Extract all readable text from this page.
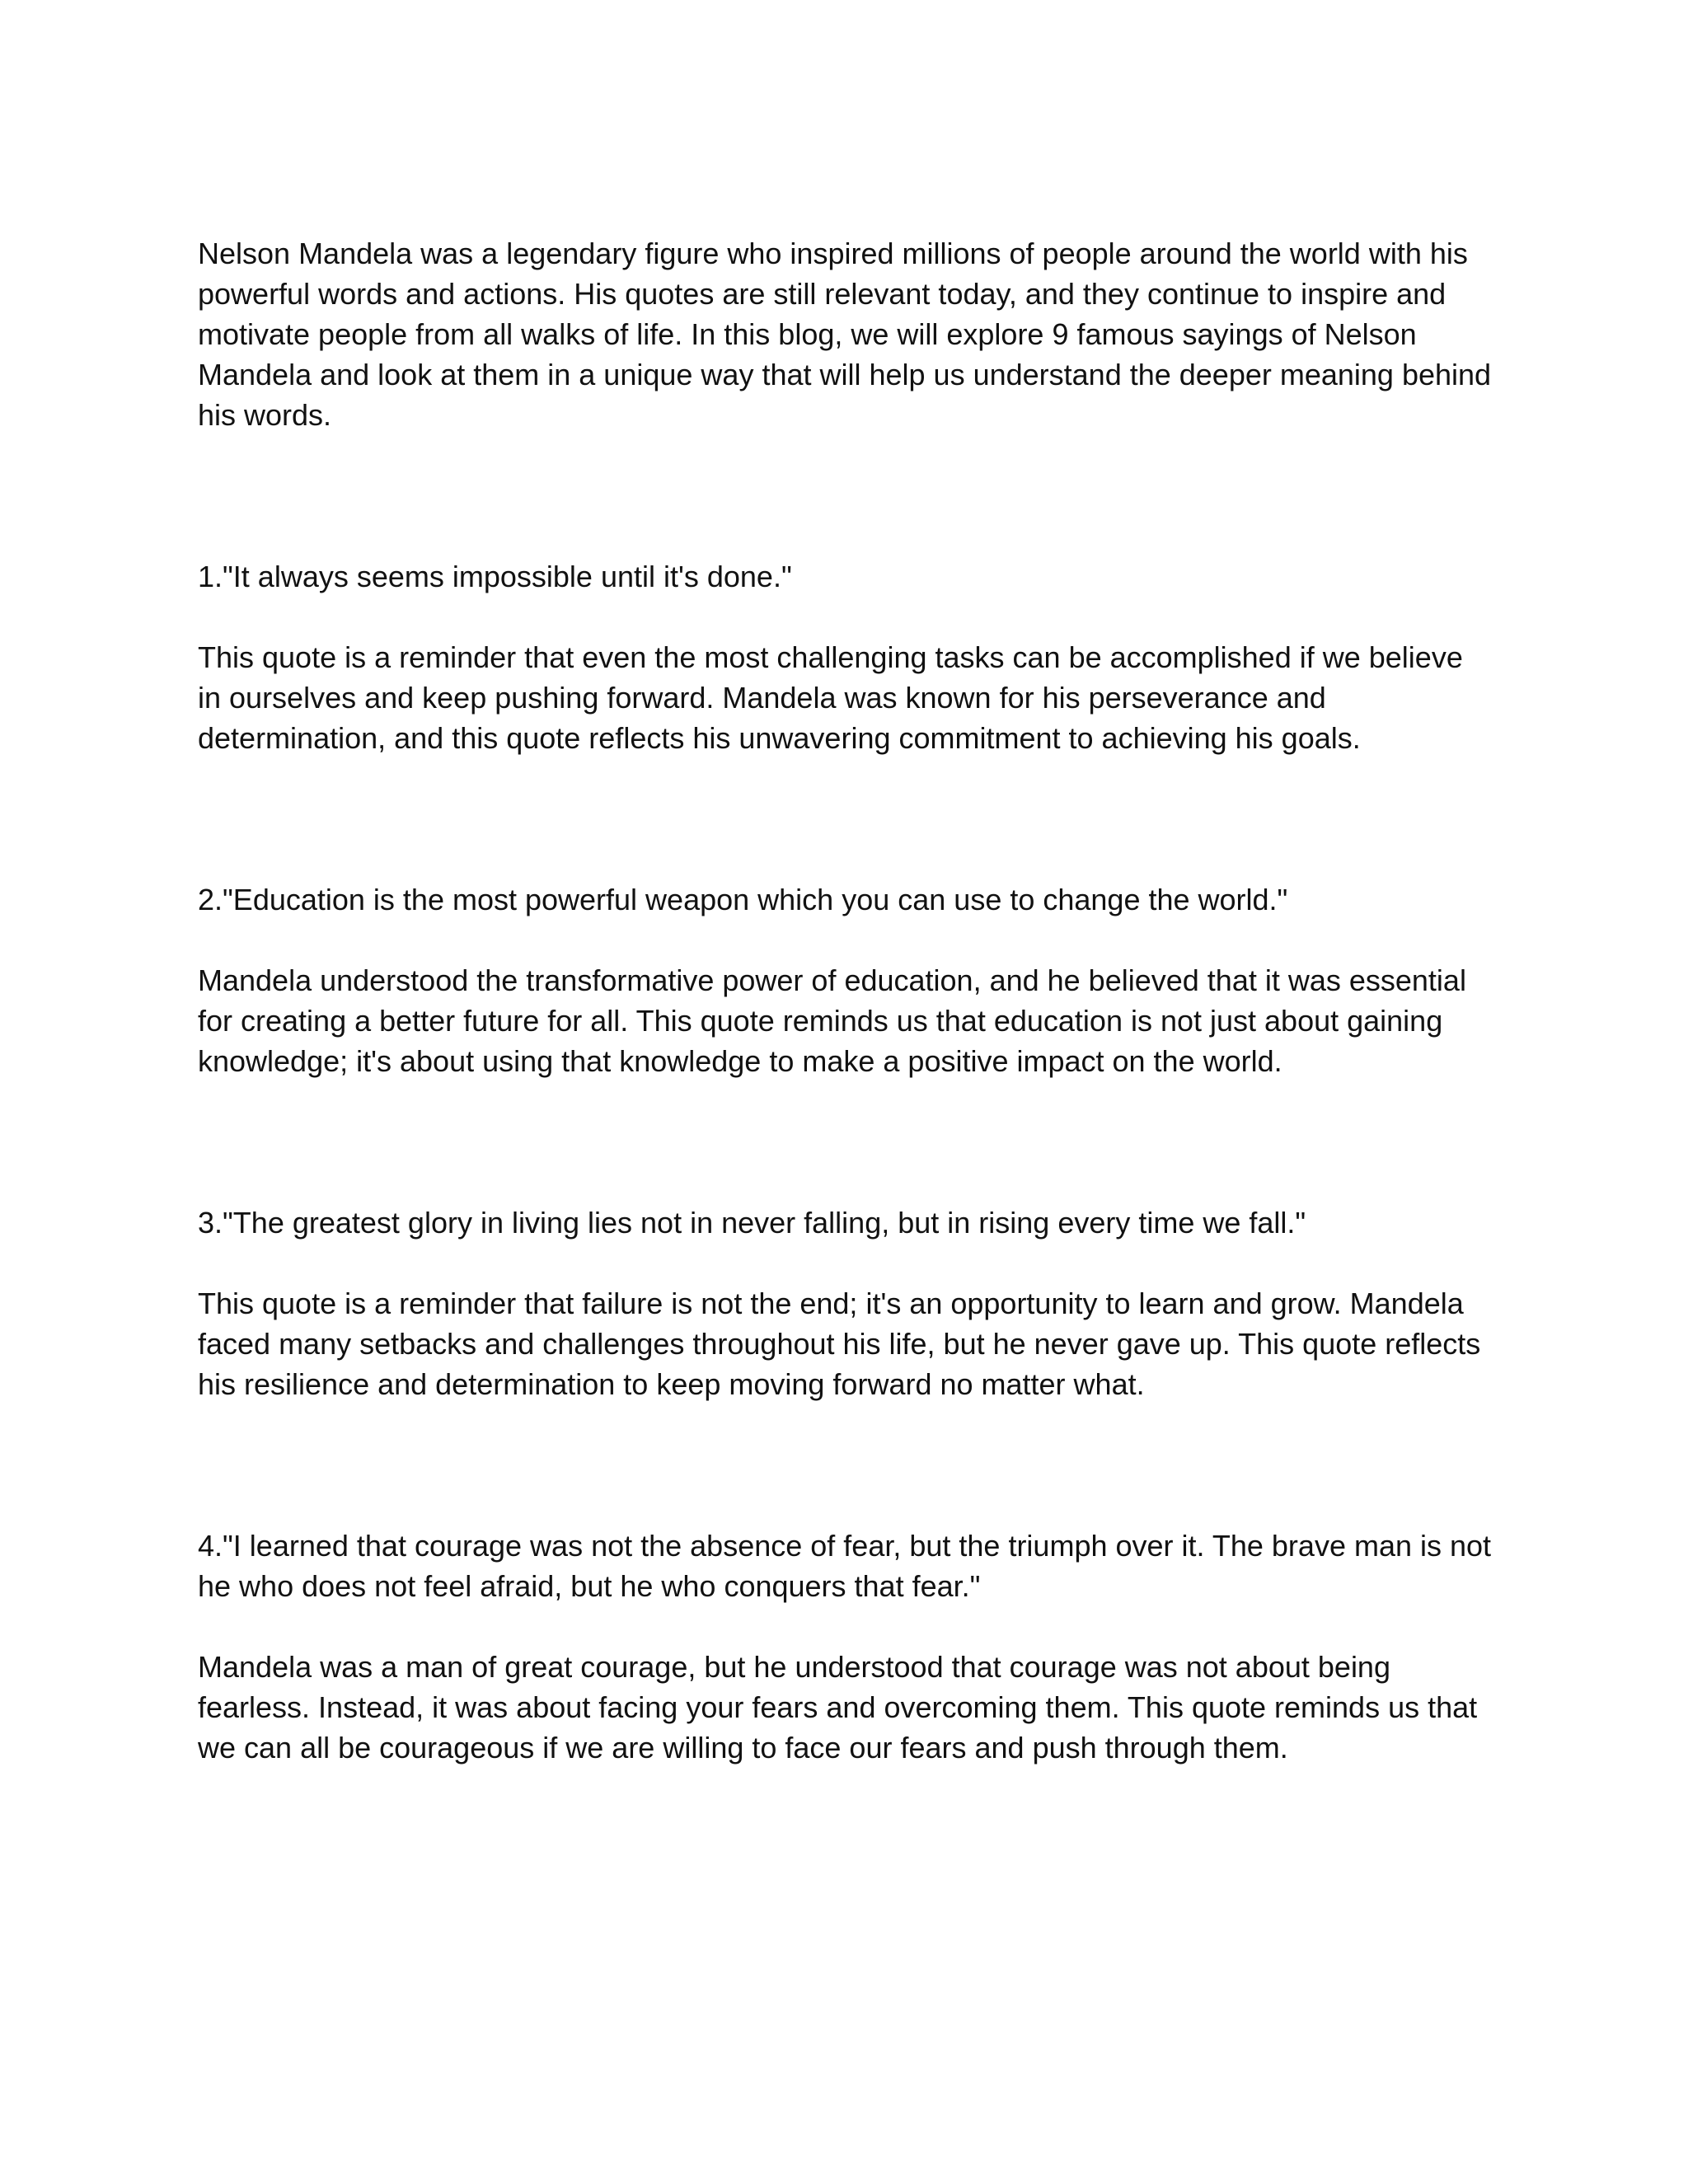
Nelson Mandela was a legendary figure who inspired millions of people around the world with his powerful words and actions. His quotes are still relevant today, and they continue to inspire and motivate people from all walks of life. In this blog, we will explore 9 famous sayings of Nelson Mandela and look at them in a unique way that will help us understand the deeper meaning behind his words.

1."It always seems impossible until it's done."

This quote is a reminder that even the most challenging tasks can be accomplished if we believe in ourselves and keep pushing forward. Mandela was known for his perseverance and determination, and this quote reflects his unwavering commitment to achieving his goals.

2."Education is the most powerful weapon which you can use to change the world."

Mandela understood the transformative power of education, and he believed that it was essential for creating a better future for all. This quote reminds us that education is not just about gaining knowledge; it's about using that knowledge to make a positive impact on the world.

3."The greatest glory in living lies not in never falling, but in rising every time we fall."

This quote is a reminder that failure is not the end; it's an opportunity to learn and grow. Mandela faced many setbacks and challenges throughout his life, but he never gave up. This quote reflects his resilience and determination to keep moving forward no matter what.

4."I learned that courage was not the absence of fear, but the triumph over it. The brave man is not he who does not feel afraid, but he who conquers that fear."

Mandela was a man of great courage, but he understood that courage was not about being fearless. Instead, it was about facing your fears and overcoming them. This quote reminds us that we can all be courageous if we are willing to face our fears and push through them.
